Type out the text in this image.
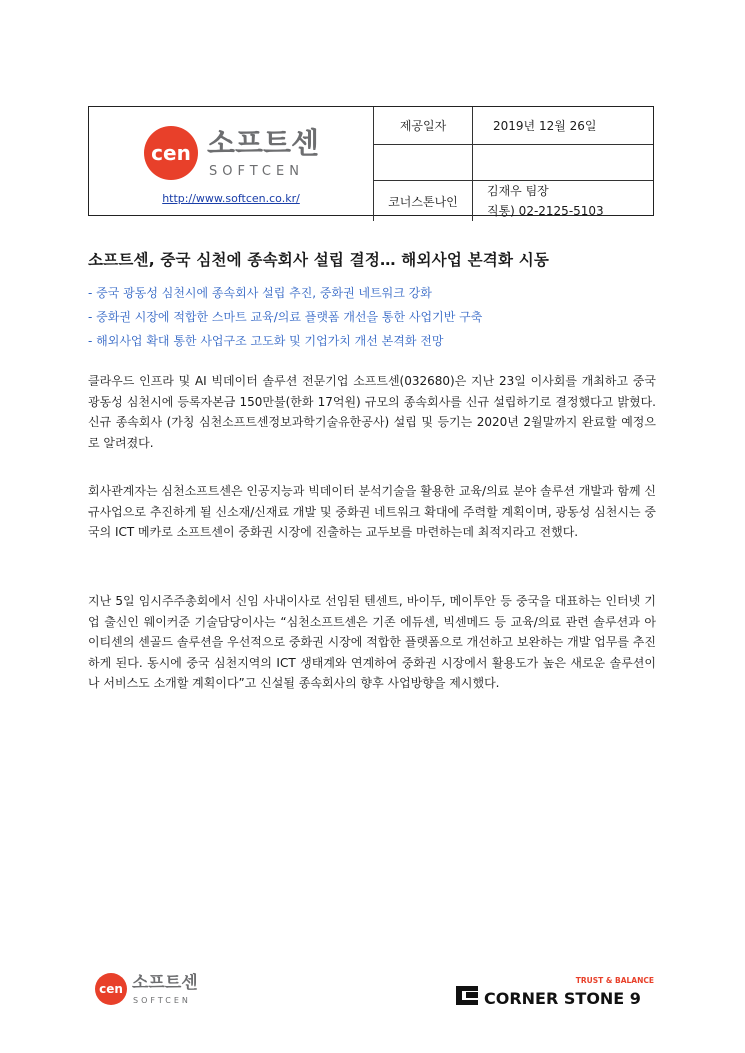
cen 소프트센
SOFTCEN
http://www.softcen.co.kr/
제공일자	2019년 12월 26일
코너스톤나인
김재우 팀장
직통) 02-2125-5103
소프트센, 중국 심천에 종속회사 설립 결정… 해외사업 본격화 시동
- 중국 광동성 심천시에 종속회사 설립 추진, 중화권 네트워크 강화
- 중화권 시장에 적합한 스마트 교육/의료 플랫폼 개선을 통한 사업기반 구축
- 해외사업 확대 통한 사업구조 고도화 및 기업가치 개선 본격화 전망

클라우드 인프라 및 AI 빅데이터 솔루션 전문기업 소프트센(032680)은 지난 23일 이사회를 개최하고 중국 광동성 심천시에 등록자본금 150만불(한화 17억원) 규모의 종속회사를 신규 설립하기로 결정했다고 밝혔다. 신규 종속회사 (가칭 심천소프트센정보과학기술유한공사) 설립 및 등기는 2020년 2월말까지 완료할 예정으로 알려졌다.

회사관계자는 심천소프트센은 인공지능과 빅데이터 분석기술을 활용한 교육/의료 분야 솔루션 개발과 함께 신규사업으로 추진하게 될 신소재/신재료 개발 및 중화권 네트워크 확대에 주력할 계획이며, 광동성 심천시는 중국의 ICT 메카로 소프트센이 중화권 시장에 진출하는 교두보를 마련하는데 최적지라고 전했다.

지난 5일 임시주주총회에서 신임 사내이사로 선임된 텐센트, 바이두, 메이투안 등 중국을 대표하는 인터넷 기업 출신인 웨이커준 기술담당이사는 “심천소프트센은 기존 에듀센, 빅센메드 등 교육/의료 관련 솔루션과 아이티센의 센골드 솔루션을 우선적으로 중화권 시장에 적합한 플랫폼으로 개선하고 보완하는 개발 업무를 추진하게 된다. 동시에 중국 심천지역의 ICT 생태계와 연계하여 중화권 시장에서 활용도가 높은 새로운 솔루션이나 서비스도 소개할 계획이다”고 신설될 종속회사의 향후 사업방향을 제시했다.

cen 소프트센
SOFTCEN
TRUST & BALANCE
CORNER STONE 9
